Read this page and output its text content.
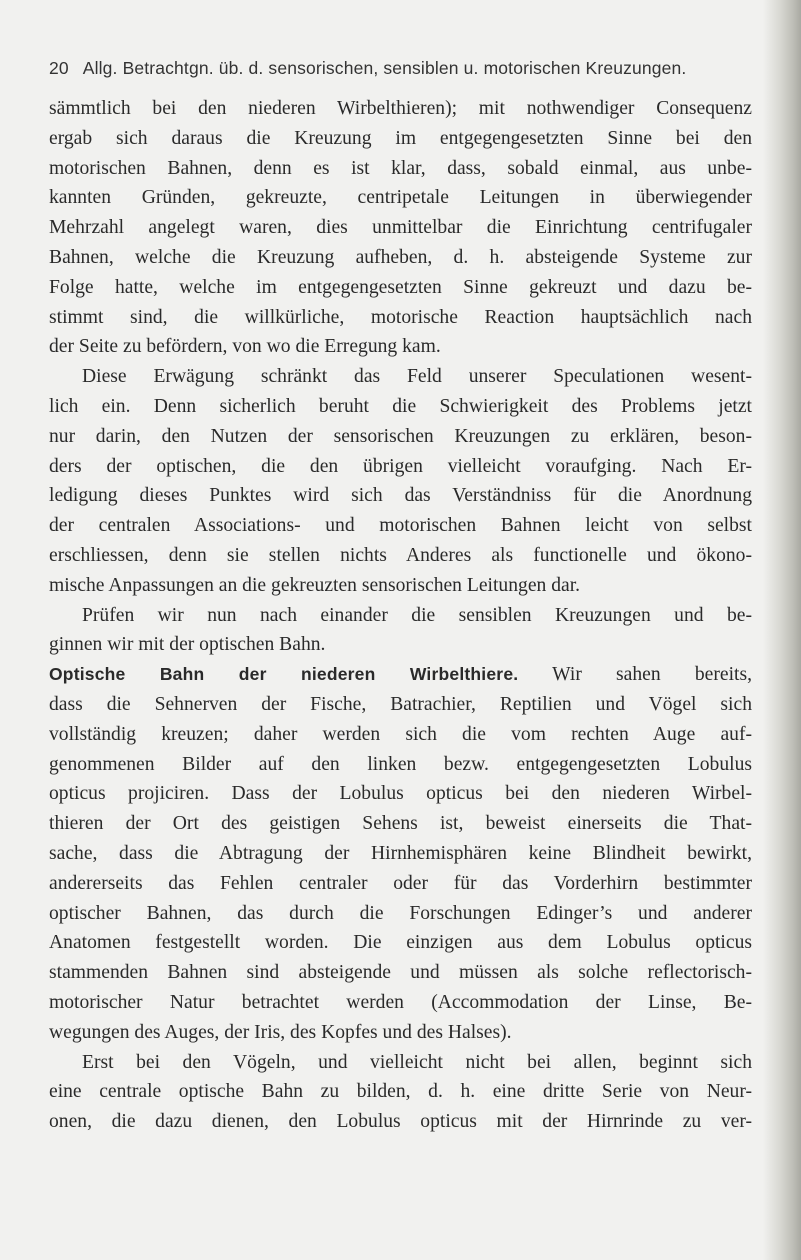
20 Allg. Betrachtgn. üb. d. sensorischen, sensiblen u. motorischen Kreuzungen.
sämmtlich bei den niederen Wirbelthieren); mit nothwendiger Consequenz
ergab sich daraus die Kreuzung im entgegengesetzten Sinne bei den
motorischen Bahnen, denn es ist klar, dass, sobald einmal, aus unbe-
kannten Gründen, gekreuzte, centripetale Leitungen in überwiegender
Mehrzahl angelegt waren, dies unmittelbar die Einrichtung centrifugaler
Bahnen, welche die Kreuzung aufheben, d. h. absteigende Systeme zur
Folge hatte, welche im entgegengesetzten Sinne gekreuzt und dazu be-
stimmt sind, die willkürliche, motorische Reaction hauptsächlich nach
der Seite zu befördern, von wo die Erregung kam.
Diese Erwägung schränkt das Feld unserer Speculationen wesent-
lich ein. Denn sicherlich beruht die Schwierigkeit des Problems jetzt
nur darin, den Nutzen der sensorischen Kreuzungen zu erklären, beson-
ders der optischen, die den übrigen vielleicht voraufging. Nach Er-
ledigung dieses Punktes wird sich das Verständniss für die Anordnung
der centralen Associations- und motorischen Bahnen leicht von selbst
erschliessen, denn sie stellen nichts Anderes als functionelle und ökono-
mische Anpassungen an die gekreuzten sensorischen Leitungen dar.
Prüfen wir nun nach einander die sensiblen Kreuzungen und be-
ginnen wir mit der optischen Bahn.
Optische Bahn der niederen Wirbelthiere. Wir sahen bereits,
dass die Sehnerven der Fische, Batrachier, Reptilien und Vögel sich
vollständig kreuzen; daher werden sich die vom rechten Auge auf-
genommenen Bilder auf den linken bezw. entgegengesetzten Lobulus
opticus projiciren. Dass der Lobulus opticus bei den niederen Wirbel-
thieren der Ort des geistigen Sehens ist, beweist einerseits die That-
sache, dass die Abtragung der Hirnhemisphären keine Blindheit bewirkt,
andererseits das Fehlen centraler oder für das Vorderhirn bestimmter
optischer Bahnen, das durch die Forschungen Edinger’s und anderer
Anatomen festgestellt worden. Die einzigen aus dem Lobulus opticus
stammenden Bahnen sind absteigende und müssen als solche reflectorisch-
motorischer Natur betrachtet werden (Accommodation der Linse, Be-
wegungen des Auges, der Iris, des Kopfes und des Halses).
Erst bei den Vögeln, und vielleicht nicht bei allen, beginnt sich
eine centrale optische Bahn zu bilden, d. h. eine dritte Serie von Neur-
onen, die dazu dienen, den Lobulus opticus mit der Hirnrinde zu ver-
